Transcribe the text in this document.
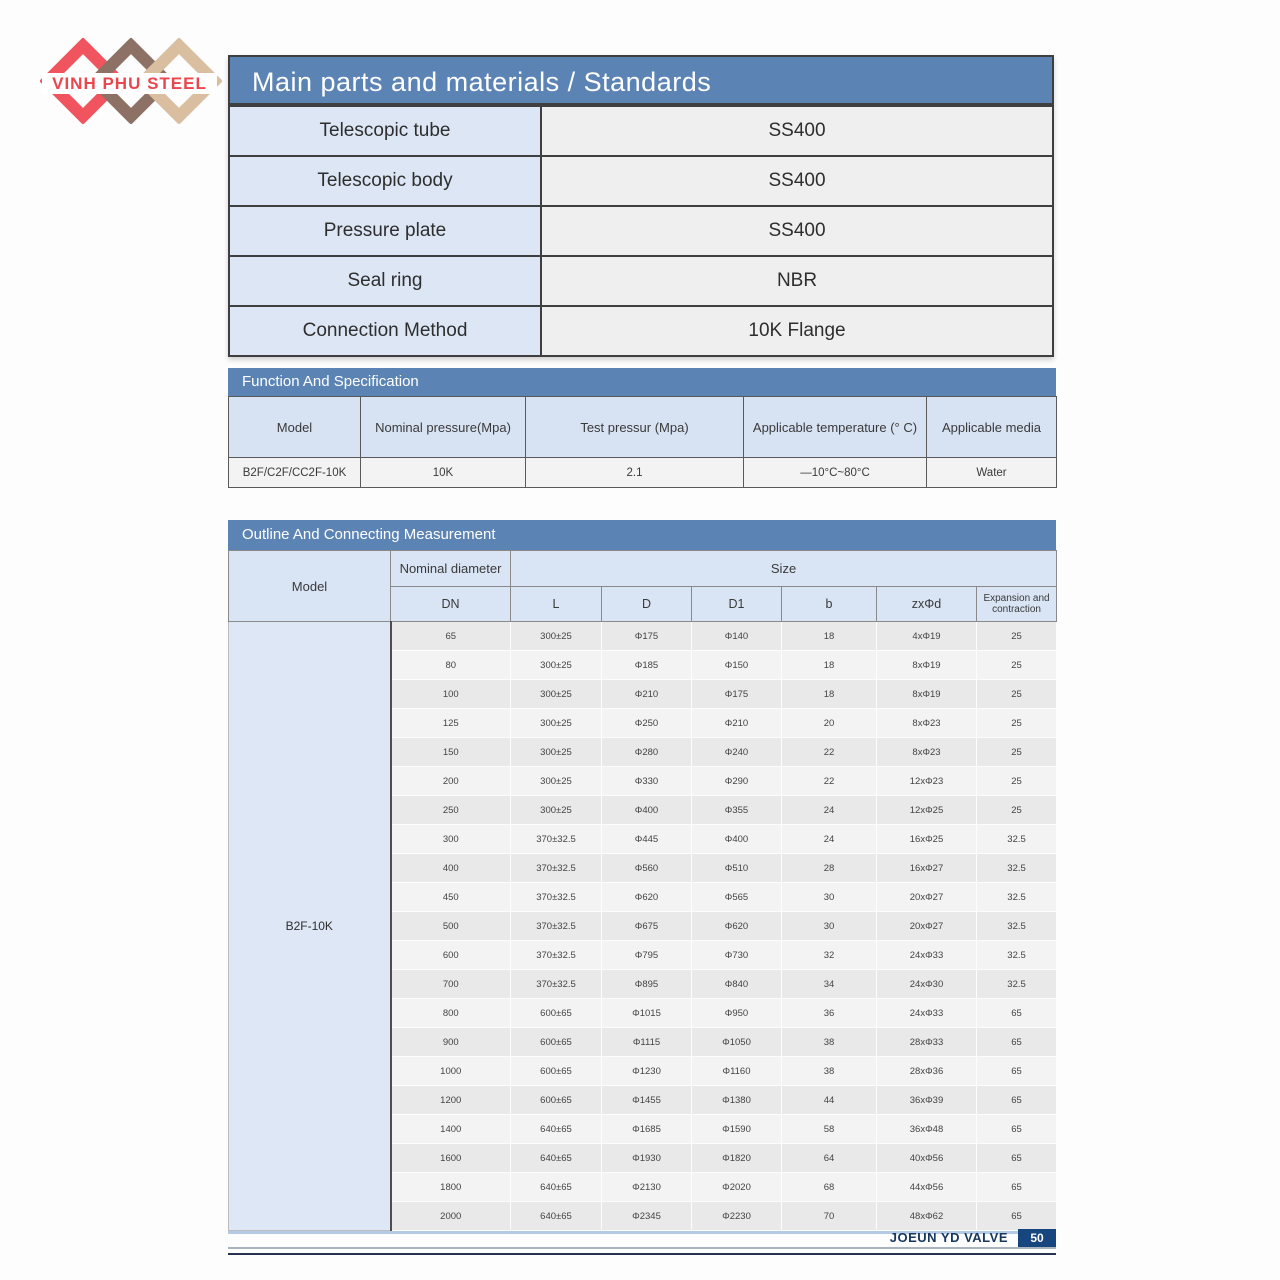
VINH PHU STEEL	Main parts and materials / Standards
Telescopic tube	SS400
Telescopic body	SS400
Pressure plate	SS400
Seal ring	NBR
Connection Method	10K Flange
Function And Specification
Model	Nominal pressure(Mpa)	Test pressur (Mpa)	Applicable temperature (° C)	Applicable media
B2F/C2F/CC2F-10K	10K	2.1	—10°C~80°C	Water
Outline And Connecting Measurement
Model	Nominal diameter	Size					
	DN	L	D	D1	b	zxΦd	Expansion and contraction
B2F-10K	65	300±25	Φ175	Φ140	18	4xΦ19	25
	80	300±25	Φ185	Φ150	18	8xΦ19	25
	100	300±25	Φ210	Φ175	18	8xΦ19	25
	125	300±25	Φ250	Φ210	20	8xΦ23	25
	150	300±25	Φ280	Φ240	22	8xΦ23	25
	200	300±25	Φ330	Φ290	22	12xΦ23	25
	250	300±25	Φ400	Φ355	24	12xΦ25	25
	300	370±32.5	Φ445	Φ400	24	16xΦ25	32.5
	400	370±32.5	Φ560	Φ510	28	16xΦ27	32.5
	450	370±32.5	Φ620	Φ565	30	20xΦ27	32.5
	500	370±32.5	Φ675	Φ620	30	20xΦ27	32.5
	600	370±32.5	Φ795	Φ730	32	24xΦ33	32.5
	700	370±32.5	Φ895	Φ840	34	24xΦ30	32.5
	800	600±65	Φ1015	Φ950	36	24xΦ33	65
	900	600±65	Φ1115	Φ1050	38	28xΦ33	65
	1000	600±65	Φ1230	Φ1160	38	28xΦ36	65
	1200	600±65	Φ1455	Φ1380	44	36xΦ39	65
	1400	640±65	Φ1685	Φ1590	58	36xΦ48	65
	1600	640±65	Φ1930	Φ1820	64	40xΦ56	65
	1800	640±65	Φ2130	Φ2020	68	44xΦ56	65
	2000	640±65	Φ2345	Φ2230	70	48xΦ62	65
JOEUN YD VALVE	50
